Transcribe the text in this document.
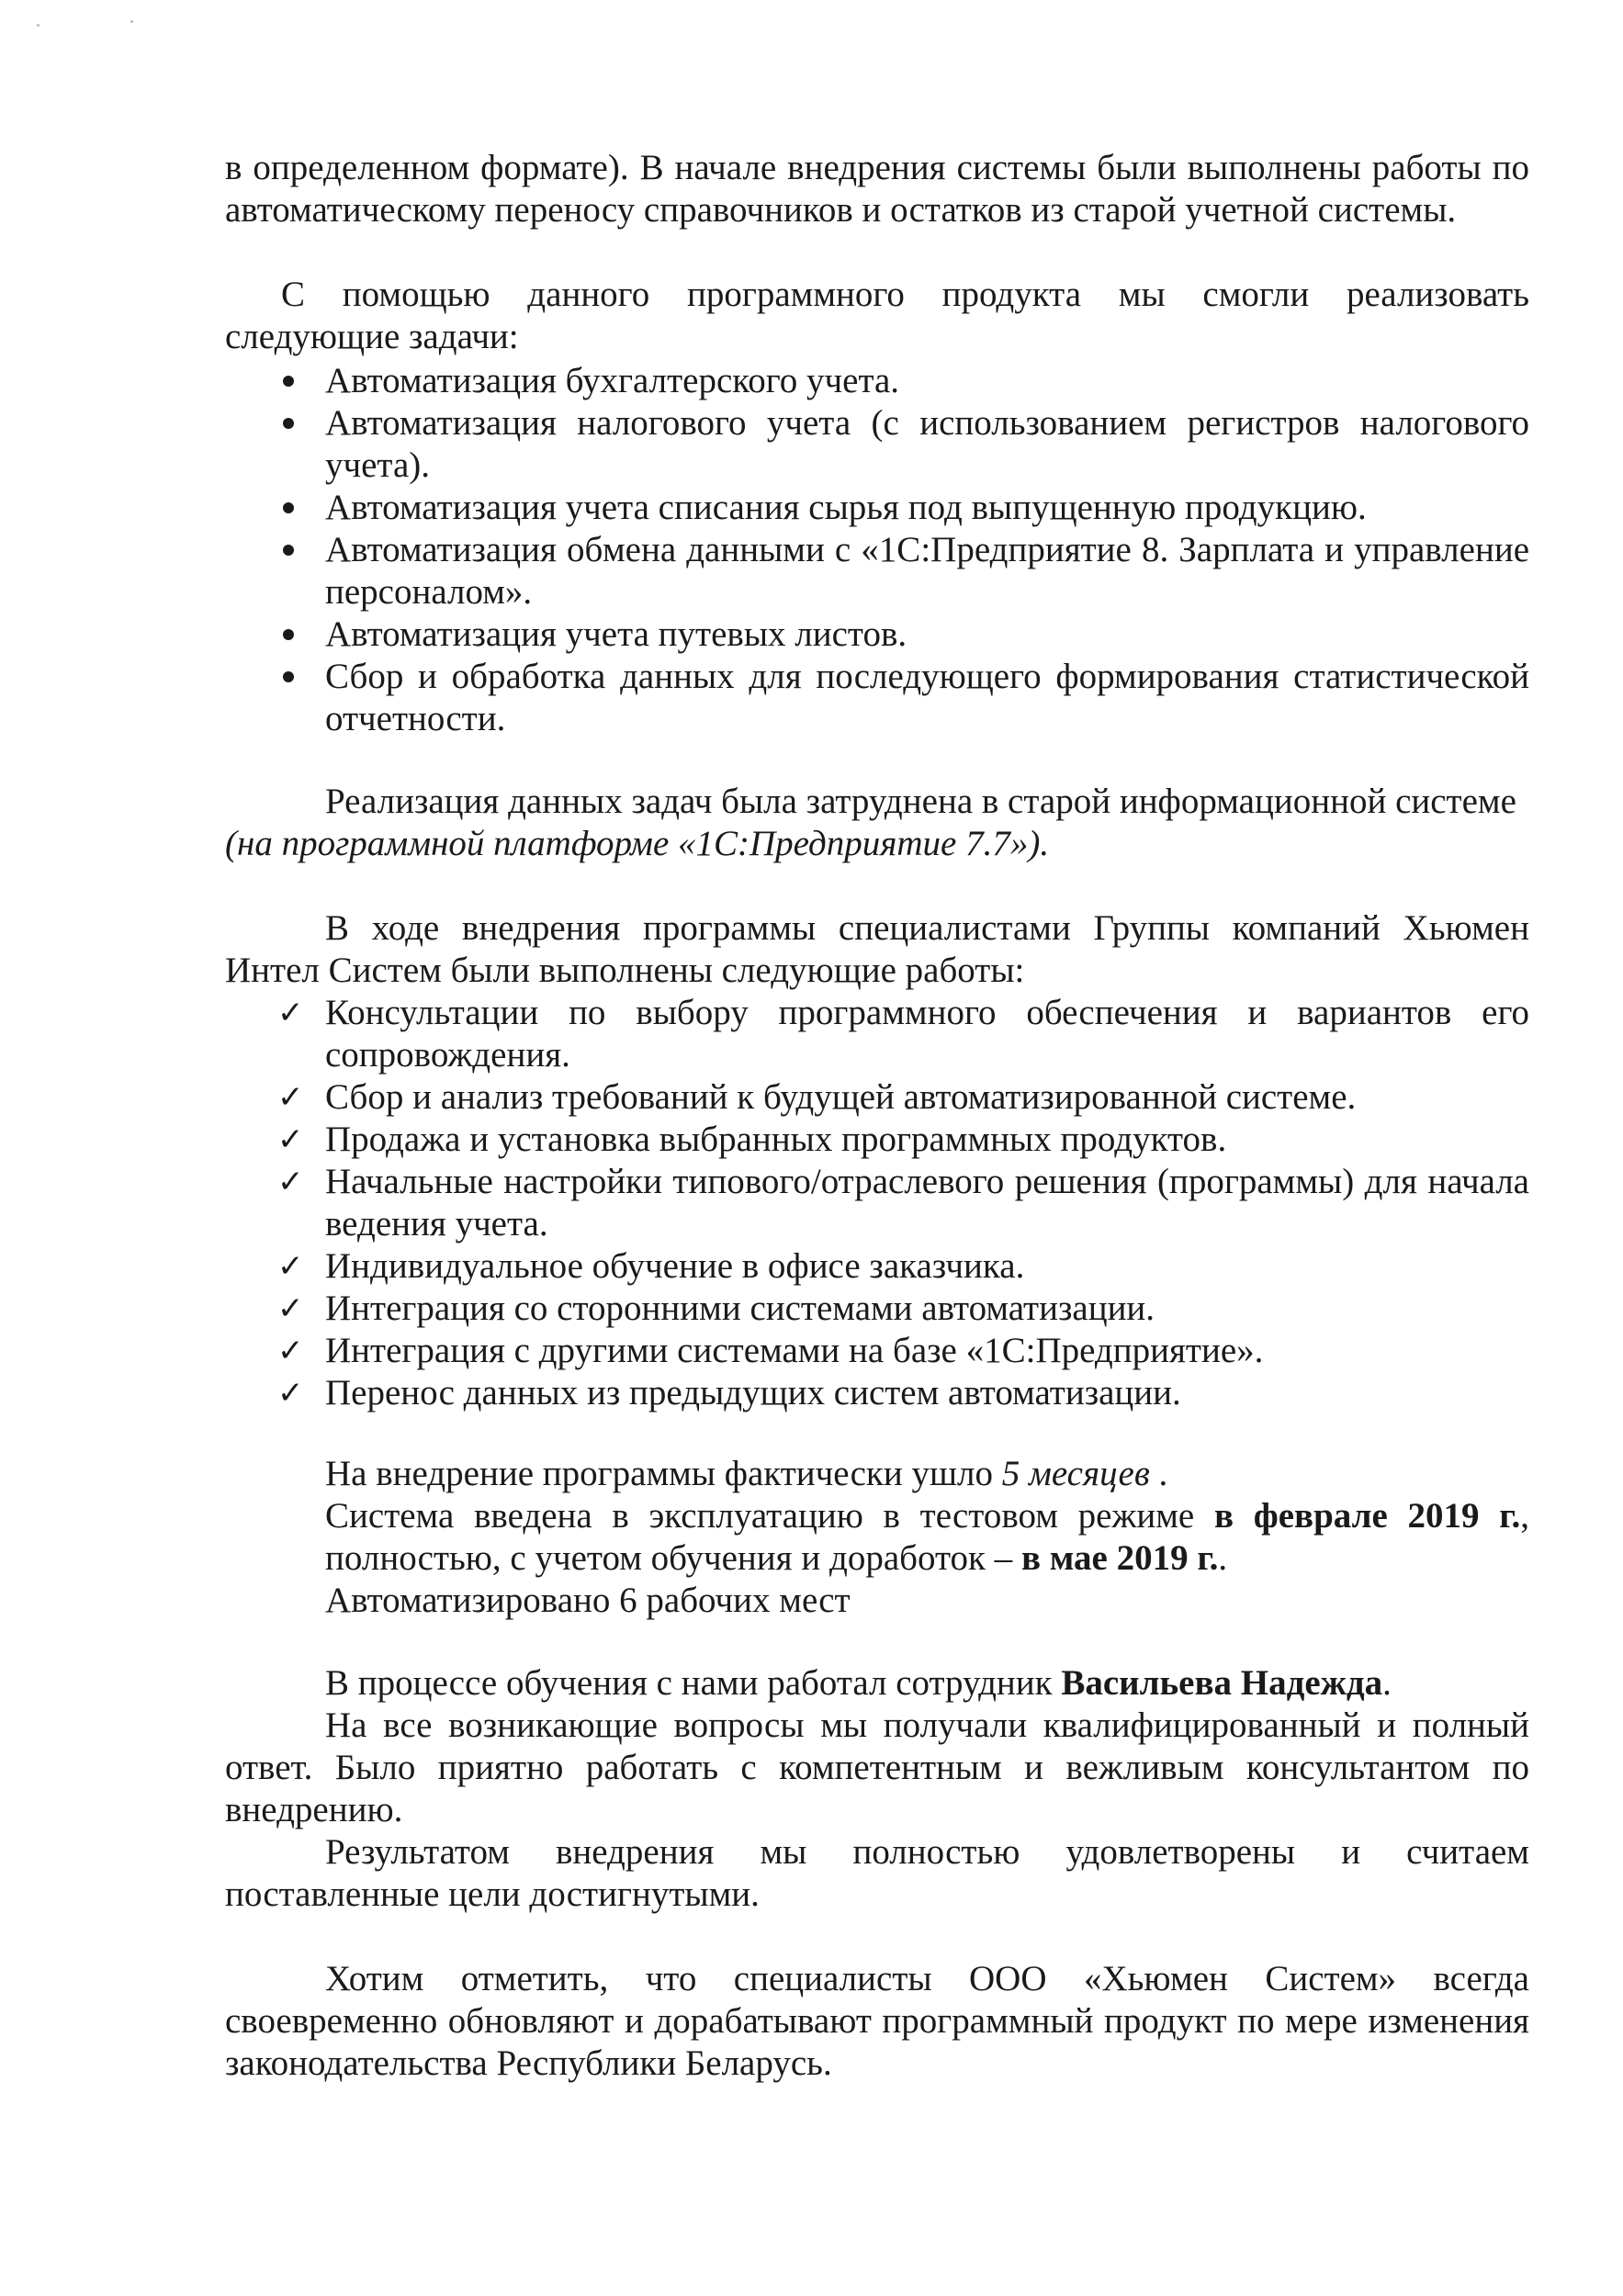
в определенном формате). В начале внедрения системы были выполнены работы по
автоматическому переносу справочников и остатков из старой учетной системы.
С помощью данного программного продукта мы смогли реализовать
следующие задачи:
Автоматизация бухгалтерского учета.
Автоматизация налогового учета (с использованием регистров налогового
учета).
Автоматизация учета списания сырья под выпущенную продукцию.
Автоматизация обмена данными с «1С:Предприятие 8. Зарплата и управление
персоналом».
Автоматизация учета путевых листов.
Сбор и обработка данных для последующего формирования статистической
отчетности.
Реализация данных задач была затруднена в старой информационной системе
(на программной платформе «1С:Предприятие 7.7»).
В ходе внедрения программы специалистами Группы компаний Хьюмен
Интел Систем были выполнены следующие работы:
✓ Консультации по выбору программного обеспечения и вариантов его
сопровождения.
✓ Сбор и анализ требований к будущей автоматизированной системе.
✓ Продажа и установка выбранных программных продуктов.
✓ Начальные настройки типового/отраслевого решения (программы) для начала
ведения учета.
✓ Индивидуальное обучение в офисе заказчика.
✓ Интеграция со сторонними системами автоматизации.
✓ Интеграция с другими системами на базе «1С:Предприятие».
✓ Перенос данных из предыдущих систем автоматизации.
На внедрение программы фактически ушло 5 месяцев .
Система введена в эксплуатацию в тестовом режиме в феврале 2019 г.,
полностью, с учетом обучения и доработок – в мае 2019 г..
Автоматизировано 6 рабочих мест
В процессе обучения с нами работал сотрудник Васильева Надежда.
На все возникающие вопросы мы получали квалифицированный и полный
ответ. Было приятно работать с компетентным и вежливым консультантом по
внедрению.
Результатом внедрения мы полностью удовлетворены и считаем
поставленные цели достигнутыми.
Хотим отметить, что специалисты ООО «Хьюмен Систем» всегда
своевременно обновляют и дорабатывают программный продукт по мере изменения
законодательства Республики Беларусь.
